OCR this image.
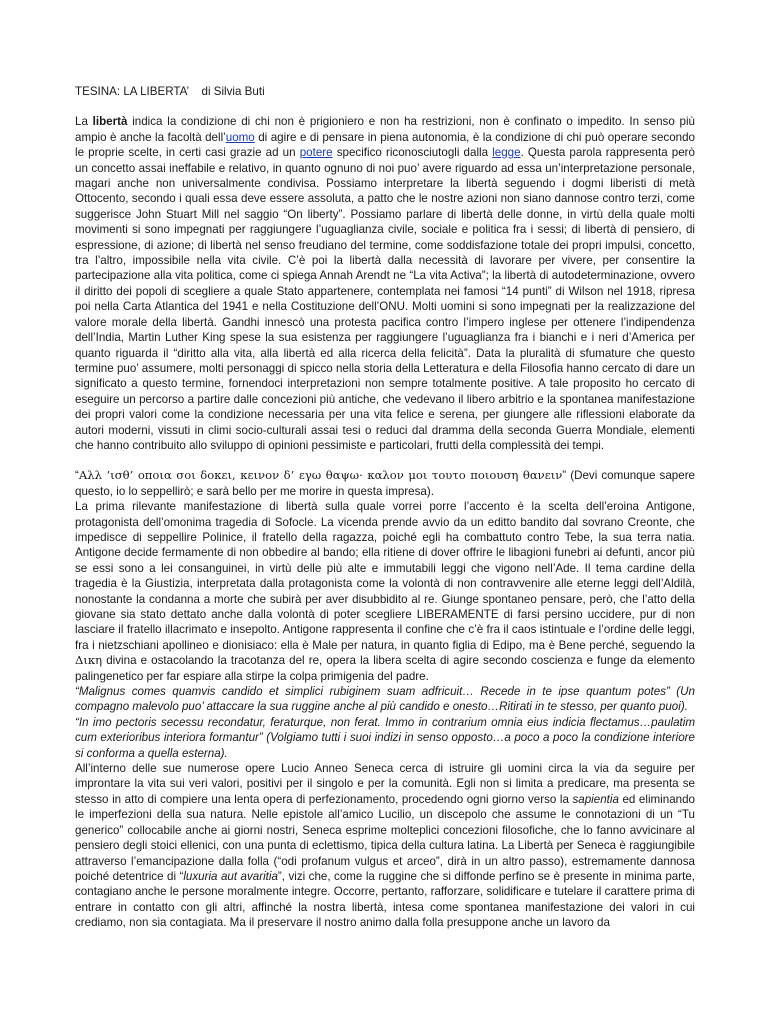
TESINA: LA LIBERTA’    di Silvia Buti

La libertà indica la condizione di chi non è prigioniero e non ha restrizioni, non è confinato o impedito. In senso più ampio è anche la facoltà dell’uomo di agire e di pensare in piena autonomia, è la condizione di chi può operare secondo le proprie scelte, in certi casi grazie ad un potere specifico riconosciutogli dalla legge. Questa parola rappresenta però un concetto assai ineffabile e relativo, in quanto ognuno di noi puo’ avere riguardo ad essa un’interpretazione personale, magari anche non universalmente condivisa. Possiamo interpretare la libertà seguendo i dogmi liberisti di metà Ottocento, secondo i quali essa deve essere assoluta, a patto che le nostre azioni non siano dannose contro terzi, come suggerisce John Stuart Mill nel saggio “On liberty”. Possiamo parlare di libertà delle donne, in virtù della quale molti movimenti si sono impegnati per raggiungere l’uguaglianza civile, sociale e politica fra i sessi; di libertà di pensiero, di espressione, di azione; di libertà nel senso freudiano del termine, come soddisfazione totale dei propri impulsi, concetto, tra l’altro, impossibile nella vita civile. C’è poi la libertà dalla necessità di lavorare per vivere, per consentire la partecipazione alla vita politica, come ci spiega Annah Arendt ne “La vita Activa”; la libertà di autodeterminazione, ovvero il diritto dei popoli di scegliere a quale Stato appartenere, contemplata nei famosi “14 punti” di Wilson nel 1918, ripresa poi nella Carta Atlantica del 1941 e nella Costituzione dell’ONU. Molti uomini si sono impegnati per la realizzazione del valore morale della libertà. Gandhi innescò una protesta pacifica contro l’impero inglese per ottenere l’indipendenza dell’India, Martin Luther King spese la sua esistenza per raggiungere l’uguaglianza fra i bianchi e i neri d’America per quanto riguarda il “diritto alla vita, alla libertà ed alla ricerca della felicità”. Data la pluralità di sfumature che questo termine puo’ assumere, molti personaggi di spicco nella storia della Letteratura e della Filosofia hanno cercato di dare un significato a questo termine, fornendoci interpretazioni non sempre totalmente positive. A tale proposito ho cercato di eseguire un percorso a partire dalle concezioni più antiche, che vedevano il libero arbitrio e la spontanea manifestazione dei propri valori come la condizione necessaria per una vita felice e serena, per giungere alle riflessioni elaborate da autori moderni, vissuti in climi socio-culturali assai tesi o reduci dal dramma della seconda Guerra Mondiale, elementi che hanno contribuito allo sviluppo di opinioni pessimiste e particolari, frutti della complessità dei tempi.

“Αλλ ’ισθ’ οποια σοι δοκει, κεινον δ’ εγω θαψω· καλον μοι τουτο ποιουση θανειν” (Devi comunque sapere questo, io lo seppellirò; e sarà bello per me morire in questa impresa).

La prima rilevante manifestazione di libertà sulla quale vorrei porre l’accento è la scelta dell’eroina Antigone, protagonista dell’omonima tragedia di Sofocle. La vicenda prende avvio da un editto bandito dal sovrano Creonte, che impedisce di seppellire Polinice, il fratello della ragazza, poiché egli ha combattuto contro Tebe, la sua terra natia. Antigone decide fermamente di non obbedire al bando; ella ritiene di dover offrire le libagioni funebri ai defunti, ancor più se essi sono a lei consanguinei, in virtù delle più alte e immutabili leggi che vigono nell’Ade. Il tema cardine della tragedia è la Giustizia, interpretata dalla protagonista come la volontà di non contravvenire alle eterne leggi dell’Aldilà, nonostante la condanna a morte che subirà per aver disubbidito al re. Giunge spontaneo pensare, però, che l’atto della giovane sia stato dettato anche dalla volontà di poter scegliere LIBERAMENTE di farsi persino uccidere, pur di non lasciare il fratello illacrimato e insepolto. Antigone rappresenta il confine che c’è fra il caos istintuale e l’ordine delle leggi, fra i nietzschiani apollineo e dionisiaco: ella è Male per natura, in quanto figlia di Edipo, ma è Bene perché, seguendo la Δικη divina e ostacolando la tracotanza del re, opera la libera scelta di agire secondo coscienza e funge da elemento palingenetico per far espiare alla stirpe la colpa primigenia del padre.

“Malignus comes quamvis candido et simplici rubiginem suam adfricuit… Recede in te ipse quantum potes” (Un compagno malevolo puo’ attaccare la sua ruggine anche al più candido e onesto…Ritirati in te stesso, per quanto puoi).

“In imo pectoris secessu recondatur, feraturque, non ferat. Immo in contrarium omnia eius indicia flectamus…paulatim cum exterioribus interiora formantur” (Volgiamo tutti i suoi indizi in senso opposto…a poco a poco la condizione interiore si conforma a quella esterna).

All’interno delle sue numerose opere Lucio Anneo Seneca cerca di istruire gli uomini circa la via da seguire per improntare la vita sui veri valori, positivi per il singolo e per la comunità. Egli non si limita a predicare, ma presenta se stesso in atto di compiere una lenta opera di perfezionamento, procedendo ogni giorno verso la sapientia ed eliminando le imperfezioni della sua natura. Nelle epistole all’amico Lucilio, un discepolo che assume le connotazioni di un “Tu generico” collocabile anche ai giorni nostri, Seneca esprime molteplici concezioni filosofiche, che lo fanno avvicinare al pensiero degli stoici ellenici, con una punta di eclettismo, tipica della cultura latina. La Libertà per Seneca è raggiungibile attraverso l’emancipazione dalla folla (“odi profanum vulgus et arceo”, dirà in un altro passo), estremamente dannosa poiché detentrice di “luxuria aut avaritia”, vizi che, come la ruggine che si diffonde perfino se è presente in minima parte, contagiano anche le persone moralmente integre. Occorre, pertanto, rafforzare, solidificare e tutelare il carattere prima di entrare in contatto con gli altri, affinché la nostra libertà, intesa come spontanea manifestazione dei valori in cui crediamo, non sia contagiata. Ma il preservare il nostro animo dalla folla presuppone anche un lavoro da
